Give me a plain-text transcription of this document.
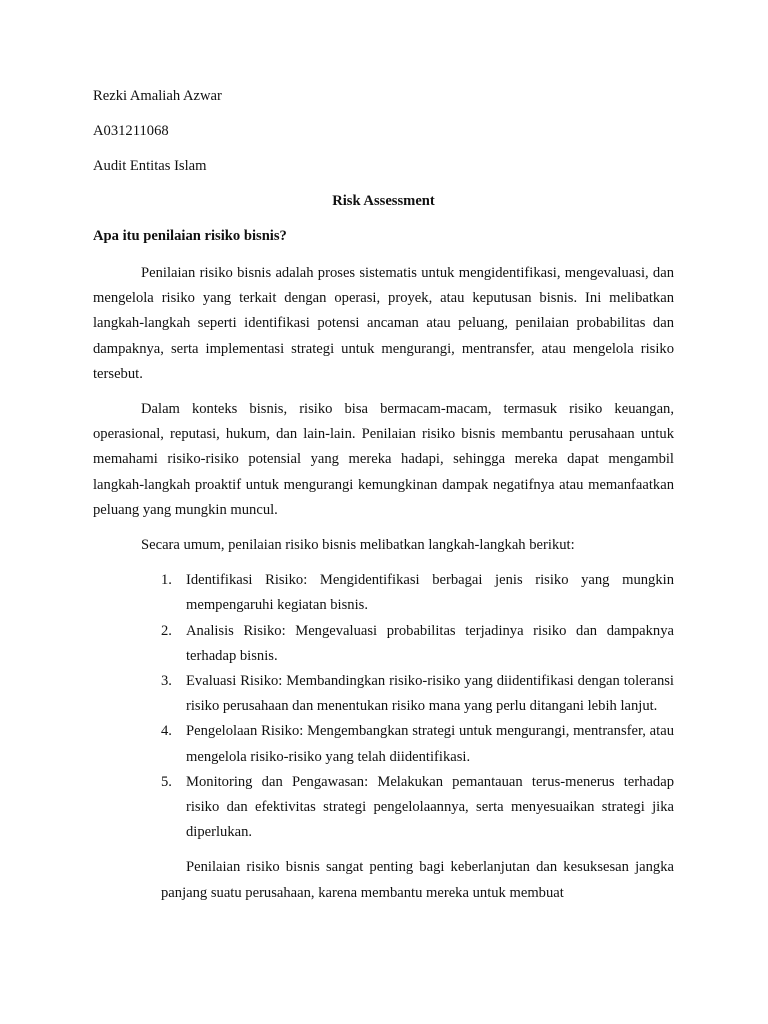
Rezki Amaliah Azwar

A031211068

Audit Entitas Islam

Risk Assessment

Apa itu penilaian risiko bisnis?

Penilaian risiko bisnis adalah proses sistematis untuk mengidentifikasi, mengevaluasi, dan mengelola risiko yang terkait dengan operasi, proyek, atau keputusan bisnis. Ini melibatkan langkah-langkah seperti identifikasi potensi ancaman atau peluang, penilaian probabilitas dan dampaknya, serta implementasi strategi untuk mengurangi, mentransfer, atau mengelola risiko tersebut.

Dalam konteks bisnis, risiko bisa bermacam-macam, termasuk risiko keuangan, operasional, reputasi, hukum, dan lain-lain. Penilaian risiko bisnis membantu perusahaan untuk memahami risiko-risiko potensial yang mereka hadapi, sehingga mereka dapat mengambil langkah-langkah proaktif untuk mengurangi kemungkinan dampak negatifnya atau memanfaatkan peluang yang mungkin muncul.

Secara umum, penilaian risiko bisnis melibatkan langkah-langkah berikut:

1. Identifikasi Risiko: Mengidentifikasi berbagai jenis risiko yang mungkin mempengaruhi kegiatan bisnis.
2. Analisis Risiko: Mengevaluasi probabilitas terjadinya risiko dan dampaknya terhadap bisnis.
3. Evaluasi Risiko: Membandingkan risiko-risiko yang diidentifikasi dengan toleransi risiko perusahaan dan menentukan risiko mana yang perlu ditangani lebih lanjut.
4. Pengelolaan Risiko: Mengembangkan strategi untuk mengurangi, mentransfer, atau mengelola risiko-risiko yang telah diidentifikasi.
5. Monitoring dan Pengawasan: Melakukan pemantauan terus-menerus terhadap risiko dan efektivitas strategi pengelolaannya, serta menyesuaikan strategi jika diperlukan.

Penilaian risiko bisnis sangat penting bagi keberlanjutan dan kesuksesan jangka panjang suatu perusahaan, karena membantu mereka untuk membuat
